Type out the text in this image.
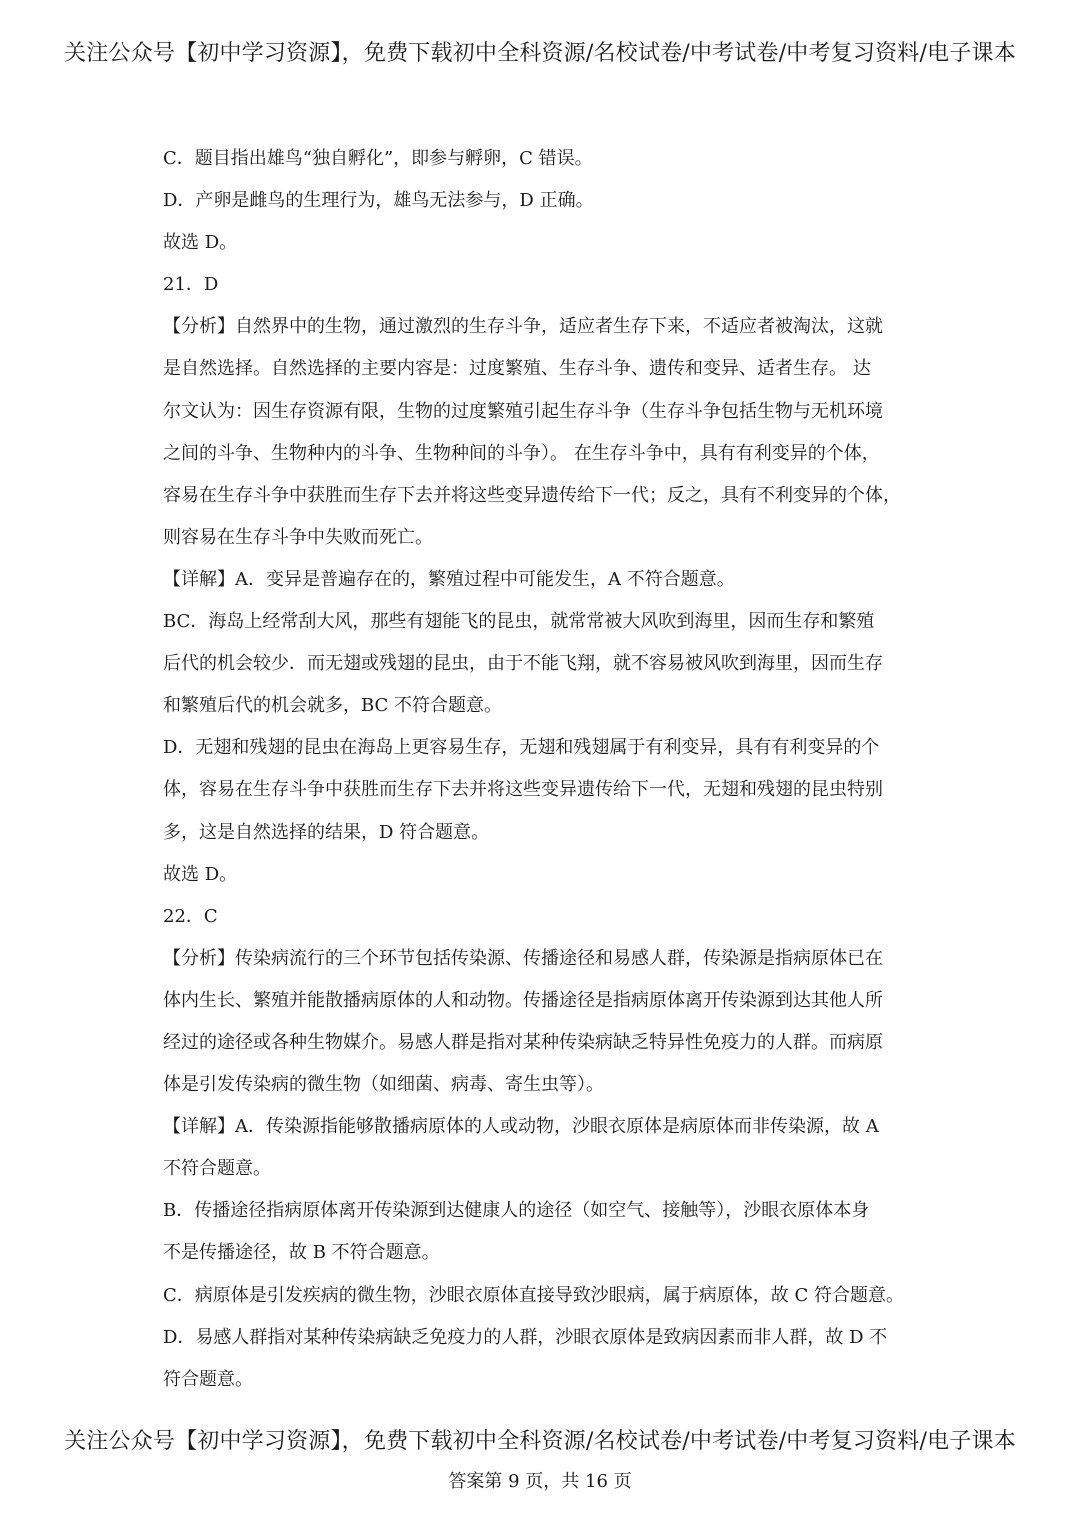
关注公众号【初中学习资源】，免费下载初中全科资源/名校试卷/中考试卷/中考复习资料/电子课本
C．题目指出雄鸟“独自孵化”，即参与孵卵，C 错误。
D．产卵是雌鸟的生理行为，雄鸟无法参与，D 正确。
故选 D。
21．D
【分析】自然界中的生物，通过激烈的生存斗争，适应者生存下来，不适应者被淘汰，这就
是自然选择。自然选择的主要内容是：过度繁殖、生存斗争、遗传和变异、适者生存。 达
尔文认为：因生存资源有限，生物的过度繁殖引起生存斗争（生存斗争包括生物与无机环境
之间的斗争、生物种内的斗争、生物种间的斗争）。 在生存斗争中，具有有利变异的个体，
容易在生存斗争中获胜而生存下去并将这些变异遗传给下一代；反之，具有不利变异的个体，
则容易在生存斗争中失败而死亡。
【详解】A．变异是普遍存在的，繁殖过程中可能发生，A 不符合题意。
BC．海岛上经常刮大风，那些有翅能飞的昆虫，就常常被大风吹到海里，因而生存和繁殖
后代的机会较少．而无翅或残翅的昆虫，由于不能飞翔，就不容易被风吹到海里，因而生存
和繁殖后代的机会就多，BC 不符合题意。
D．无翅和残翅的昆虫在海岛上更容易生存，无翅和残翅属于有利变异，具有有利变异的个
体，容易在生存斗争中获胜而生存下去并将这些变异遗传给下一代，无翅和残翅的昆虫特别
多，这是自然选择的结果，D 符合题意。
故选 D。
22．C
【分析】传染病流行的三个环节包括传染源、传播途径和易感人群，传染源是指病原体已在
体内生长、繁殖并能散播病原体的人和动物。传播途径是指病原体离开传染源到达其他人所
经过的途径或各种生物媒介。易感人群是指对某种传染病缺乏特异性免疫力的人群。而病原
体是引发传染病的微生物（如细菌、病毒、寄生虫等）。
【详解】A．传染源指能够散播病原体的人或动物，沙眼衣原体是病原体而非传染源，故 A
不符合题意。
B．传播途径指病原体离开传染源到达健康人的途径（如空气、接触等），沙眼衣原体本身
不是传播途径，故 B 不符合题意。
C．病原体是引发疾病的微生物，沙眼衣原体直接导致沙眼病，属于病原体，故 C 符合题意。
D．易感人群指对某种传染病缺乏免疫力的人群，沙眼衣原体是致病因素而非人群，故 D 不
符合题意。
关注公众号【初中学习资源】，免费下载初中全科资源/名校试卷/中考试卷/中考复习资料/电子课本
答案第 9 页，共 16 页
